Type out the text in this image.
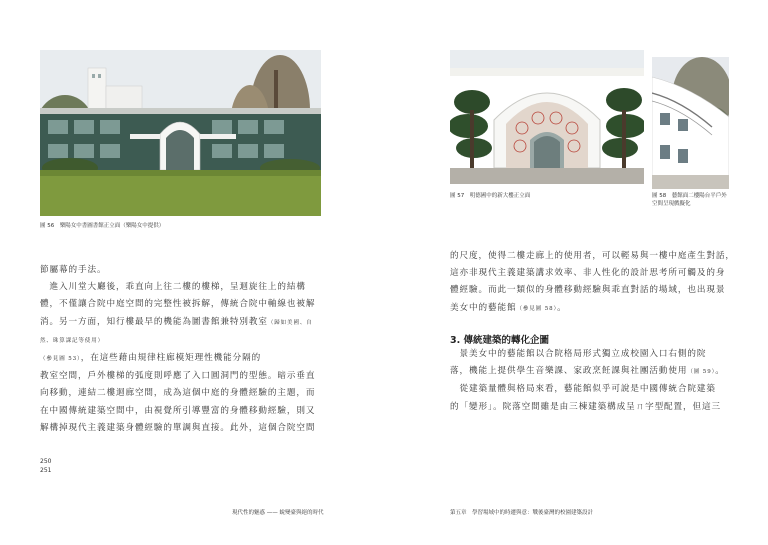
圖 56　樂陽女中書圖書館正立面（樂陽女中提供）

節屬幕的手法。

　進入川堂大廳後，乖直向上往二樓的樓梯，呈迴旋往上的結構

體，不僅讓合院中庭空間的完整性被拆解，傳統合院中軸線也被解

消。另一方面，知行樓最早的機能為圖書館兼特別教室（歸如美國、自然、珠算課記等使用）

（參見圖 53），在這些藉由規律柱廊模矩理性機能分隔的

教室空間，戶外樓梯的弧度則呼應了入口圓洞門的型態。暗示垂直

向移動，連結二樓迴廊空間，成為這個中庭的身體經驗的主題，而

在中國傳統建築空間中，由視覺所引導豐富的身體移動經驗，則又

解構掉現代主義建築身體經驗的單調與直接。此外，這個合院空間

250
251
現代性的魅惑 —— 蛻變臺與絕的時代
圖 57　明德國中的新大樓正立面	圖 58　藝館面二樓陽台平戶外空間呈現戲擬化

的尺度，使得二樓走廊上的使用者，可以輕易與一樓中庭產生對話，

這亦非現代主義建築講求效率、非人性化的設計思考所可觸及的身

體經驗。而此一類似的身體移動經驗與乖直對話的場域，也出現景

美女中的藝能館（參見圖 58）。

3. 傳統建築的轉化企圖

　景美女中的藝能館以合院格局形式獨立成校園入口右側的院

落，機能上提供學生音樂課、家政烹飪課與社團活動使用（圖 59）。

　從建築量體與格局來看，藝能館似乎可說是中國傳統合院建築

的「變形」。院落空間雖是由三棟建築構成呈ㄇ字型配置，但這三

第五章　學習場域中的時遷與意：戰後臺灣的校園建築設計
